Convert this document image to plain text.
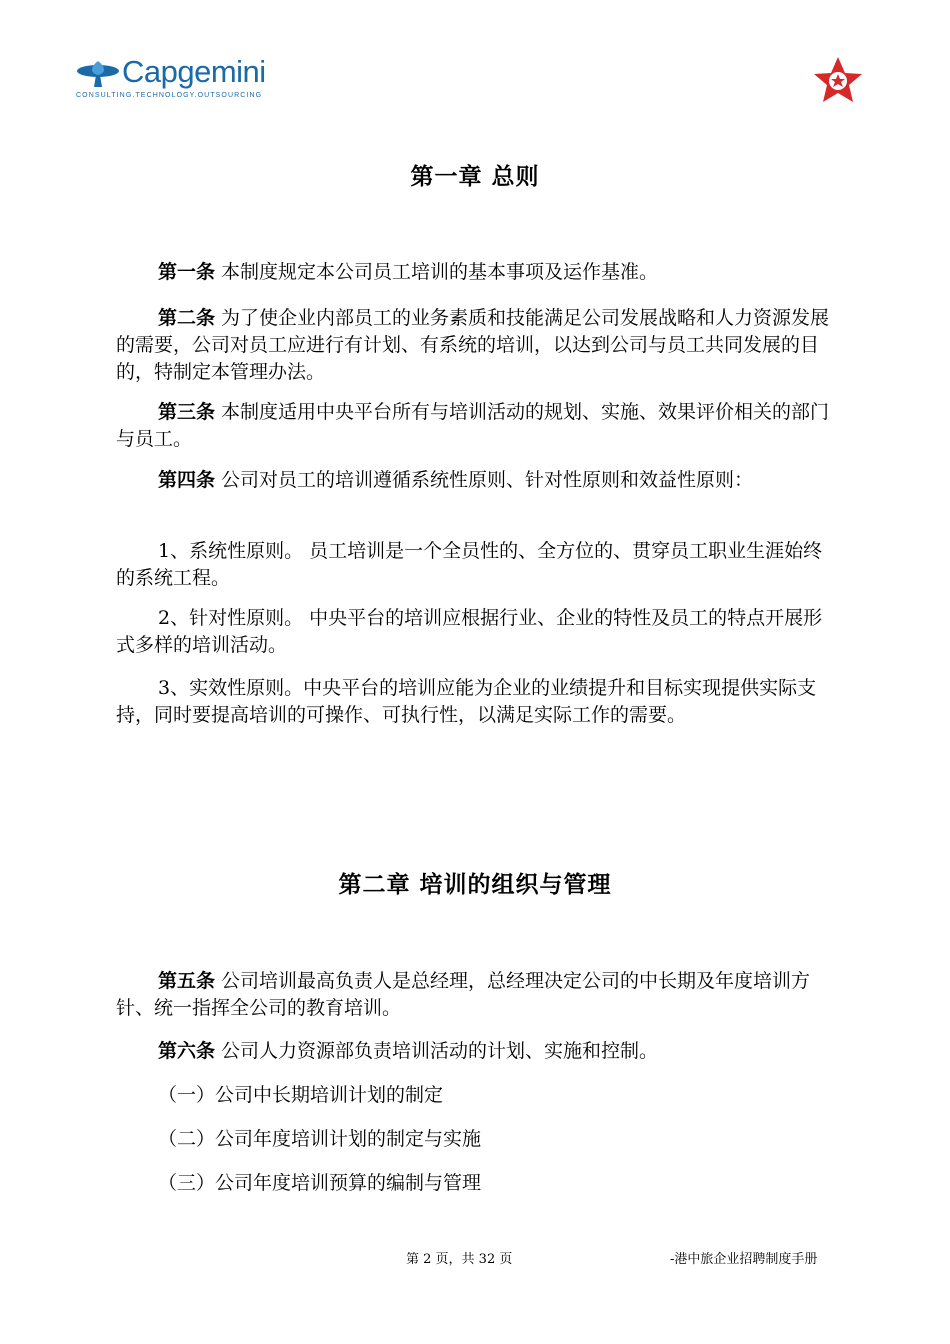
Capgemini
CONSULTING.TECHNOLOGY.OUTSOURCING
第一章 总则
第一条 本制度规定本公司员工培训的基本事项及运作基准。
第二条 为了使企业内部员工的业务素质和技能满足公司发展战略和人力资源发展的需要，公司对员工应进行有计划、有系统的培训，以达到公司与员工共同发展的目的，特制定本管理办法。
第三条 本制度适用中央平台所有与培训活动的规划、实施、效果评价相关的部门与员工。
第四条 公司对员工的培训遵循系统性原则、针对性原则和效益性原则：
1、系统性原则。 员工培训是一个全员性的、全方位的、贯穿员工职业生涯始终的系统工程。
2、针对性原则。 中央平台的培训应根据行业、企业的特性及员工的特点开展形式多样的培训活动。
3、实效性原则。中央平台的培训应能为企业的业绩提升和目标实现提供实际支持，同时要提高培训的可操作、可执行性，以满足实际工作的需要。
第二章 培训的组织与管理
第五条 公司培训最高负责人是总经理，总经理决定公司的中长期及年度培训方针、统一指挥全公司的教育培训。
第六条 公司人力资源部负责培训活动的计划、实施和控制。
（一）公司中长期培训计划的制定
（二）公司年度培训计划的制定与实施
（三）公司年度培训预算的编制与管理
第 2 页，共 32 页	-港中旅企业招聘制度手册
